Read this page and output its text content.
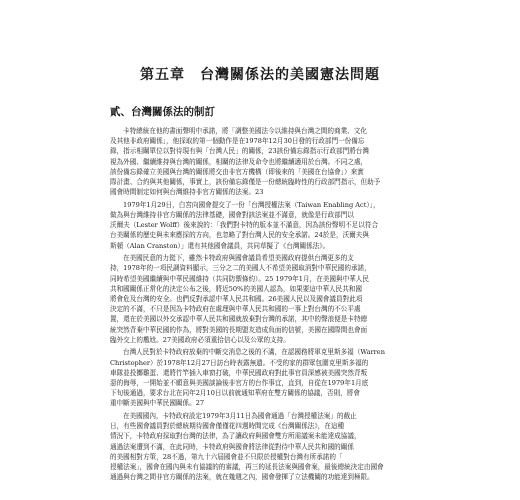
第五章　台灣關係法的美國憲法問題
貳、台灣關係法的制訂
卡特總統在他的書面聲明中承諾，將「調整美國法今以維持與台灣之間的商業、文化
及其他非政府關係」，他採取的第一個動作是在1978年12月30日發的行政部門一份備忘
錄，指示相關單位以對待現有與「台灣人民」的關係，23該份備忘錄指示行政部門將台灣
視為外國、繼續維持與台灣的關係，相關的法律及命令也將繼續適用於台灣。不同之處，
該份備忘錄確立美國與台灣的關係將交由非官方機構（即後來的「美國在台協會」）來實
際計畫、合約與其他關係，事實上，該份備忘錄僅是一份總統臨時性的行政部門指示，但助予
國會時間制定如何與台灣維持非官方關係的法案。23
1979年1月29日，白宮向國會提交了一份「台灣授權法案（Taiwan Enabling Act）」，
做為與台灣維持非官方關係的法律基礎，國會對該法案並不滿意，就像是行政部門以
沃爾夫（Lester Wolff）後來說的：「我們對卡特的版本並不滿意，因為該份聲明不足以符合
台美關係的歷史與未來應採的方向，也忽略了對台灣人民的安全承諾。24於是，沃爾夫與
斯頓（Alan Cranston）」還有其他國會議員，共同草擬了《台灣關係法》。
在美國民意的力挺下，雖然卡特政府與國會議員希望美國政府提供台灣更多的支
持，1978年的一項民調資料顯示，三分之二的美國人不希望美國取消對中華民國的承諾，
同時希望美國繼續與中華民國維持（共同防禦條約）。25 1979年1月，在美國與中華人民
共和國關係正常化的決定公布之後，將近50%的美國人認為，如果要這中華人民共和國
將會危及台灣的安全。也們反對承認中華人民共和國。26美國人民以及國會議員對此項
決定的不滿，不只是因為卡特政府在處理與中華人民共和國的一事上對台灣的不公平處
置，還在於美國以外交承認中華人民共和國就放棄對台灣的承諾，其中的聲浪便是卡特總
統突然背棄中華民國的作為，將對美國的長期盟友造成負面的信號，美國在國際間也會面
臨外交上的尷尬。27美國政府必須重拾信心以及公眾的支持。
台灣人民對於卡特政府放棄的中斷交消息之後的不滿，在認國務將軍克里斯多福（Warren
Christopher）於1978年12月27日訪台時表露無遺。不受的家的群眾包圍克里斯多福的
車隊並投擲雞蛋、還將竹竿插入車窗打破，中華民國政府對此事官員深感被美國突然背叛
惡的侮辱，一開始並不願意與美國談論後非官方的台作事宜，直到，自從在1979年1月底
下旬後通過，要求台北在同年2月10日以前就通知華府在雙方關係的協議，否則，將會
重申斷美國與中華民國關係。27
在美國國內，卡特政府設定1979年3月11日為國會通過「台灣授權法案」的截止
日，有些國會議員對於總統期待國會僅僅花四週時間完成《台灣關係法》，在這種
情況下，卡特政府採取對台灣的法律，為了讓政府與國會雙方所需議案未能達成協議，
通過法案遭到不滿，在此同時，卡特政府與國會將法律從對待中華人民共和國的關係
的美國相對方策，28不過，第九十六屆國會並不只限於授權對台灣有所承諾的「
授權法案」，國會在國內與未有協議的的審議，再三的延長法案與國會案，最後總統決定由國會
通過與台灣之間非官方關係的法案，就在幾週之內，國會發揮了立法機關的功能達到極限。
